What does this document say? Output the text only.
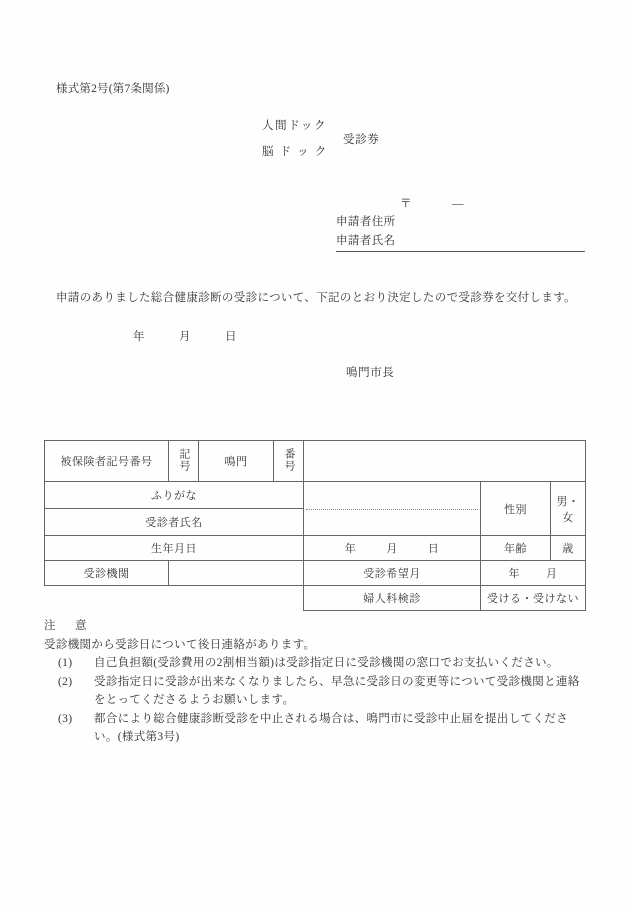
様式第2号(第7条関係)
人間ドック
脳 ド ッ ク
受診券
〒	—
申請者住所
申請者氏名
申請のありました総合健康診断の受診について、下記のとおり決定したので受診券を交付します。
年	月	日
鳴門市長
被保険者記号番号	記号	鳴門	番号			

ふりがな					性別	男・女
受診者氏名						
生年月日				年 月 日	年齢	歳
受診機関				受診希望月	年 月	
				婦人科検診	受ける・受けない	
注　意
受診機関から受診日について後日連絡があります。
(1)	自己負担額(受診費用の2割相当額)は受診指定日に受診機関の窓口でお支払いください。
(2)	受診指定日に受診が出来なくなりましたら、早急に受診日の変更等について受診機関と連絡
をとってくださるようお願いします。
(3)	都合により総合健康診断受診を中止される場合は、鳴門市に受診中止届を提出してくださ
い。(様式第3号)
